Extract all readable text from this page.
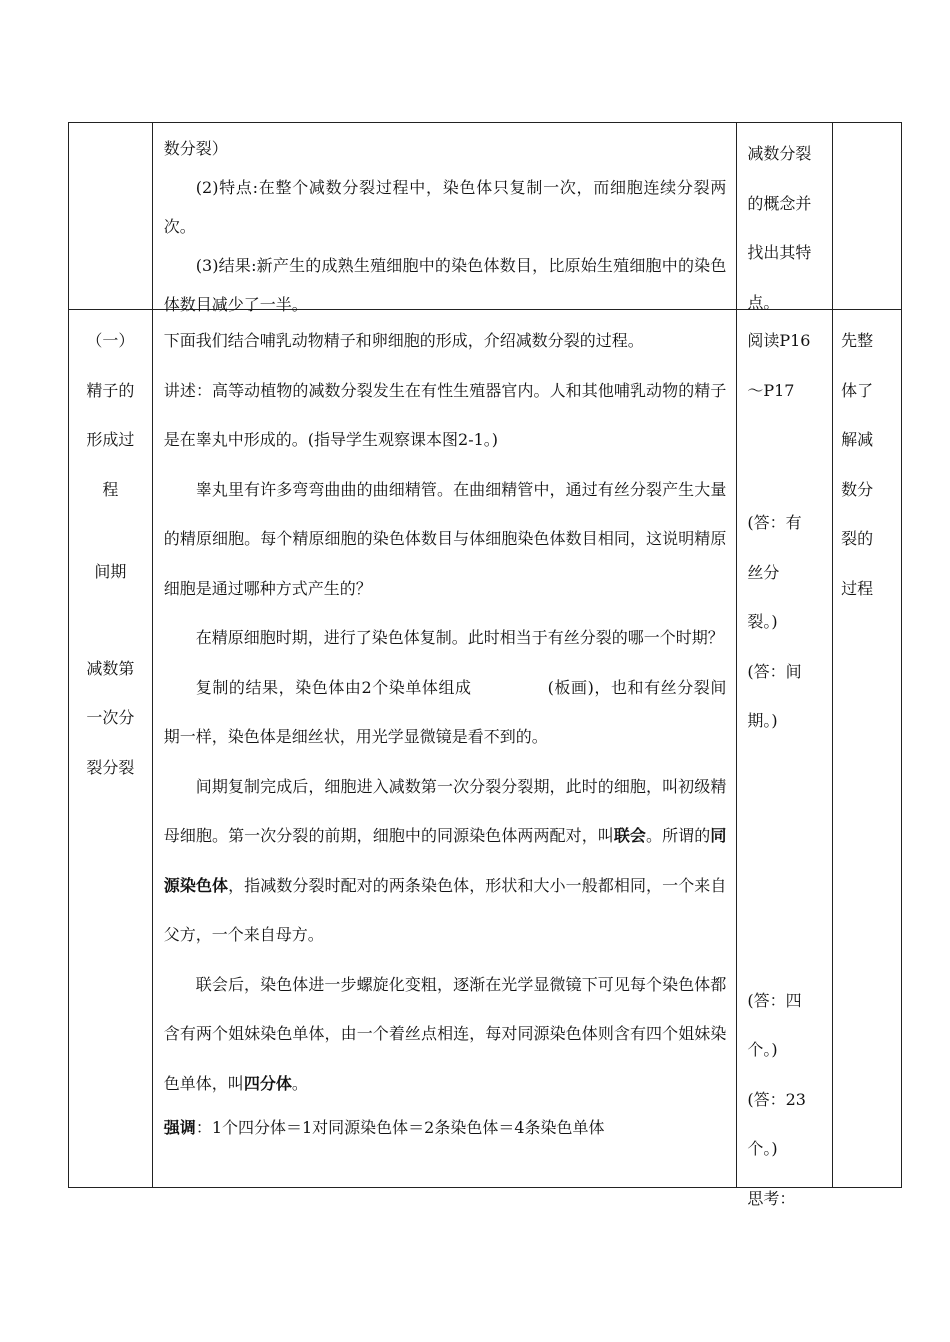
数分裂）

(2)特点:在整个减数分裂过程中，染色体只复制一次，而细胞连续分裂两次。

(3)结果:新产生的成熟生殖细胞中的染色体数目，比原始生殖细胞中的染色体数目减少了一半。

减数分裂

的概念并

找出其特

点。

（一）

精子的

形成过

程

间期

减数第

一次分

裂分裂

下面我们结合哺乳动物精子和卵细胞的形成，介绍减数分裂的过程。

讲述：高等动植物的减数分裂发生在有性生殖器官内。人和其他哺乳动物的精子是在睾丸中形成的。(指导学生观察课本图2-1。)

睾丸里有许多弯弯曲曲的曲细精管。在曲细精管中，通过有丝分裂产生大量的精原细胞。每个精原细胞的染色体数目与体细胞染色体数目相同，这说明精原细胞是通过哪种方式产生的？

在精原细胞时期，进行了染色体复制。此时相当于有丝分裂的哪一个时期？

复制的结果，染色体由2个染单体组成	(板画)，也和有丝分裂间期一样，染色体是细丝状，用光学显微镜是看不到的。

间期复制完成后，细胞进入减数第一次分裂分裂期，此时的细胞，叫初级精母细胞。第一次分裂的前期，细胞中的同源染色体两两配对，叫联会。所谓的同源染色体，指减数分裂时配对的两条染色体，形状和大小一般都相同，一个来自父方，一个来自母方。

联会后，染色体进一步螺旋化变粗，逐渐在光学显微镜下可见每个染色体都含有两个姐妹染色单体，由一个着丝点相连，每对同源染色体则含有四个姐妹染色单体，叫四分体。

强调：1个四分体＝1对同源染色体＝2条染色体＝4条染色单体

阅读P16

～P17

(答：有

丝分

裂。)

(答：间

期。)

(答：四

个。)

(答：23

个。)

思考：

先整

体了

解减

数分

裂的

过程
